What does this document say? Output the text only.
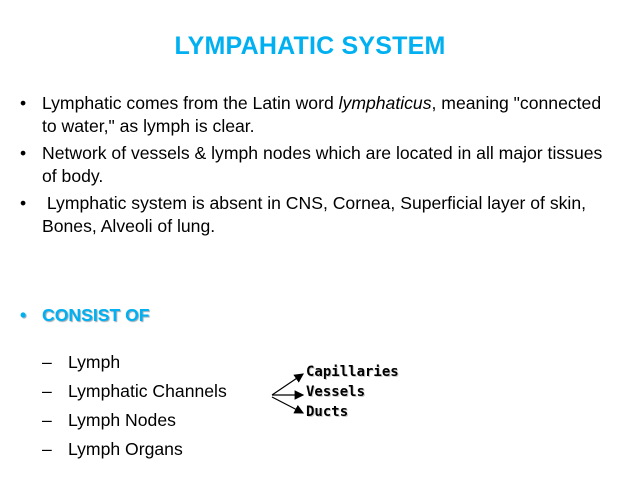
LYMPAHATIC SYSTEM
• Lymphatic comes from the Latin word lymphaticus, meaning "connected to water," as lymph is clear.
• Network of vessels & lymph nodes which are located in all major tissues of body.
• Lymphatic system is absent in CNS, Cornea, Superficial layer of skin, Bones, Alveoli of lung.
• CONSIST OF
– Lymph
– Lymphatic Channels
– Lymph Nodes
– Lymph Organs
Capillaries
Vessels
Ducts
